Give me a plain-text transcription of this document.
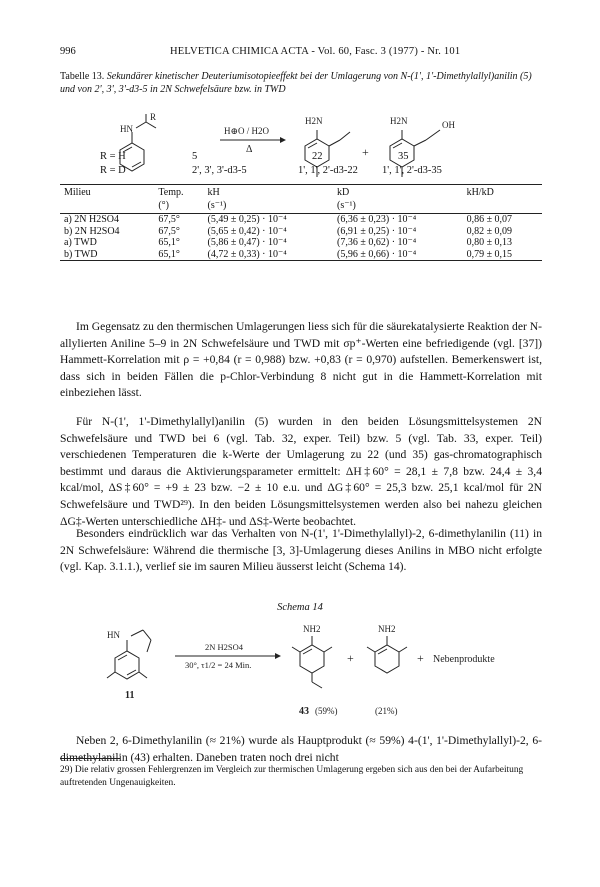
996	HELVETICA CHIMICA ACTA - Vol. 60, Fasc. 3 (1977) - Nr. 101
Tabelle 13. Sekundärer kinetischer Deuteriumisotopieeffekt bei der Umlagerung von N-(1', 1'-Dimethylallyl)anilin (5) und von 2', 3', 3'-d3-5 in 2N Schwefelsäure bzw. in TWD
HN
R
H⊕O / H2O
Δ
H2N
+
H2N	OH
R = H
R = D
5
2', 3', 3'-d3-5
22
1', 1', 2'-d3-22
35
1', 1', 2'-d3-35
Milieu	Temp.	kH	kD	kH/kD
	(°)	(s⁻¹)	(s⁻¹)	
a) 2N H2SO4	67,5°	(5,49 ± 0,25) · 10⁻⁴	(6,36 ± 0,23) · 10⁻⁴	0,86 ± 0,07
b) 2N H2SO4	67,5°	(5,65 ± 0,42) · 10⁻⁴	(6,91 ± 0,25) · 10⁻⁴	0,82 ± 0,09
a) TWD	65,1°	(5,86 ± 0,47) · 10⁻⁴	(7,36 ± 0,62) · 10⁻⁴	0,80 ± 0,13
b) TWD	65,1°	(4,72 ± 0,33) · 10⁻⁴	(5,96 ± 0,66) · 10⁻⁴	0,79 ± 0,15

Im Gegensatz zu den thermischen Umlagerungen liess sich für die säurekatalysierte Reaktion der N-allylierten Aniline 5–9 in 2N Schwefelsäure und TWD mit σp⁺-Werten eine befriedigende (vgl. [37]) Hammett-Korrelation mit ρ = +0,84 (r = 0,988) bzw. +0,83 (r = 0,970) aufstellen. Bemerkenswert ist, dass sich in beiden Fällen die p-Chlor-Verbindung 8 nicht gut in die Hammett-Korrelation mit einbeziehen lässt.

Für N-(1', 1'-Dimethylallyl)anilin (5) wurden in den beiden Lösungsmittelsystemen 2N Schwefelsäure und TWD bei 6 (vgl. Tab. 32, exper. Teil) bzw. 5 (vgl. Tab. 33, exper. Teil) verschiedenen Temperaturen die k-Werte der Umlagerung zu 22 (und 35) gas-chromatographisch bestimmt und daraus die Aktivierungsparameter ermittelt: ΔH‡60° = 28,1 ± 7,8 bzw. 24,4 ± 3,4 kcal/mol, ΔS‡60° = +9 ± 23 bzw. −2 ± 10 e.u. und ΔG‡60° = 25,3 bzw. 25,1 kcal/mol für 2N Schwefelsäure und TWD²⁹). In den beiden Lösungsmittelsystemen werden also bei nahezu gleichen ΔG‡-Werten unterschiedliche ΔH‡- und ΔS‡-Werte beobachtet.

Besonders eindrücklich war das Verhalten von N-(1', 1'-Dimethylallyl)-2, 6-dimethylanilin (11) in 2N Schwefelsäure: Während die thermische [3, 3]-Umlagerung dieses Anilins in MBO nicht erfolgte (vgl. Kap. 3.1.1.), verlief sie im sauren Milieu äusserst leicht (Schema 14).

Schema 14
HN
11
2N H2SO4
30°, τ1/2 = 24 Min.
NH2
+
NH2
+ Nebenprodukte
43 (59%)	(21%)

Neben 2, 6-Dimethylanilin (≈ 21%) wurde als Hauptprodukt (≈ 59%) 4-(1', 1'-Dimethylallyl)-2, 6-dimethylanilin (43) erhalten. Daneben traten noch drei nicht

29) Die relativ grossen Fehlergrenzen im Vergleich zur thermischen Umlagerung ergeben sich aus den bei der Aufarbeitung auftretenden Ungenauigkeiten.
